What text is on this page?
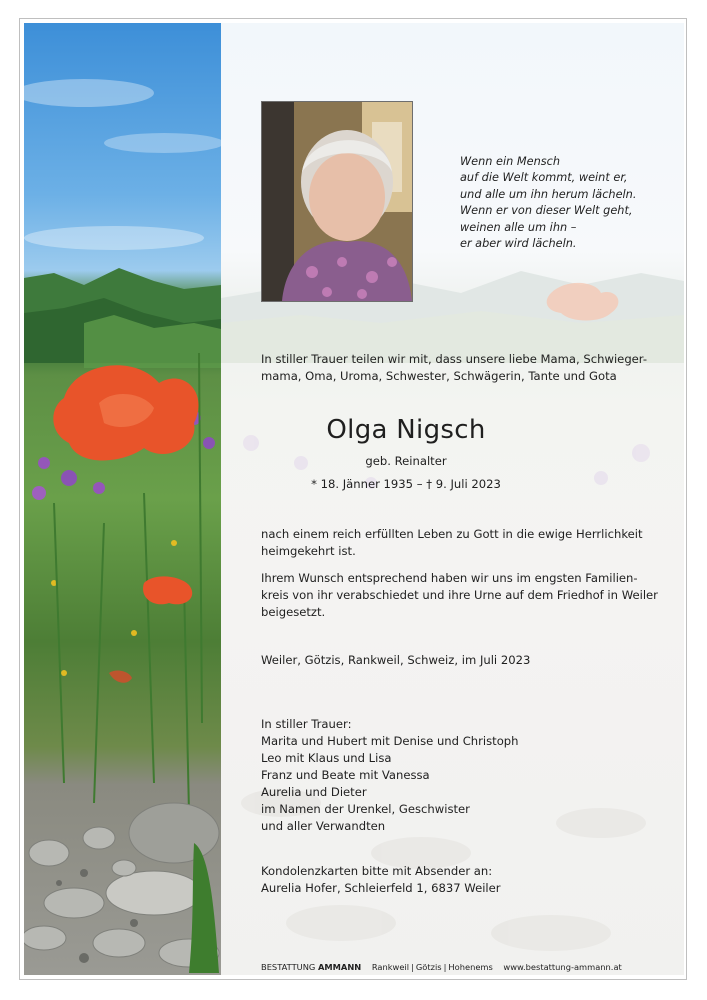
Wenn ein Mensch
auf die Welt kommt, weint er,
und alle um ihn herum lächeln.
Wenn er von dieser Welt geht,
weinen alle um ihn –
er aber wird lächeln.
In stiller Trauer teilen wir mit, dass unsere liebe Mama, Schwieger-
mama, Oma, Uroma, Schwester, Schwägerin, Tante und Gota
Olga Nigsch
geb. Reinalter
* 18. Jänner 1935 – † 9. Juli 2023
nach einem reich erfüllten Leben zu Gott in die ewige Herrlichkeit
heimgekehrt ist.
Ihrem Wunsch entsprechend haben wir uns im engsten Familien-
kreis von ihr verabschiedet und ihre Urne auf dem Friedhof in Weiler
beigesetzt.
Weiler, Götzis, Rankweil, Schweiz, im Juli 2023
In stiller Trauer:
Marita und Hubert mit Denise und Christoph
Leo mit Klaus und Lisa
Franz und Beate mit Vanessa
Aurelia und Dieter
im Namen der Urenkel, Geschwister
und aller Verwandten
Kondolenzkarten bitte mit Absender an:
Aurelia Hofer, Schleierfeld 1, 6837 Weiler
BESTATTUNG AMMANN Rankweil | Götzis | Hohenems www.bestattung-ammann.at
